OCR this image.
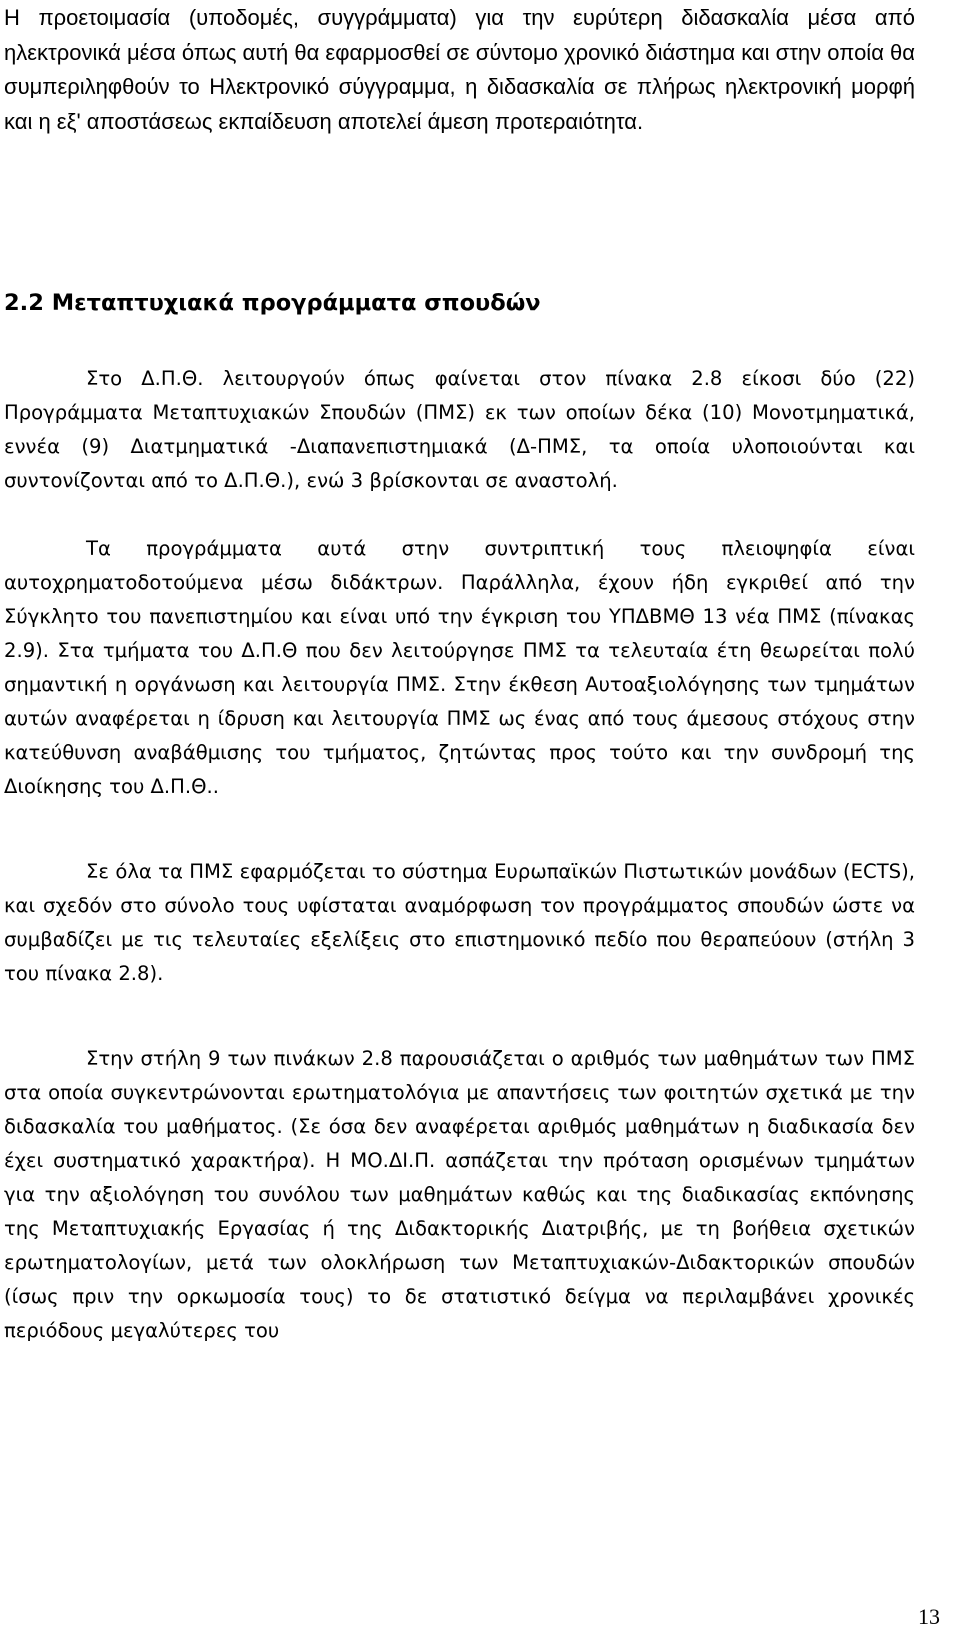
Η προετοιμασία (υποδομές, συγγράμματα) για την ευρύτερη διδασκαλία μέσα από ηλεκτρονικά μέσα όπως αυτή θα εφαρμοσθεί σε σύντομο χρονικό διάστημα και στην οποία θα συμπεριληφθούν το Ηλεκτρονικό σύγγραμμα, η διδασκαλία σε πλήρως ηλεκτρονική μορφή και η εξ' αποστάσεως εκπαίδευση αποτελεί άμεση προτεραιότητα.

2.2 Μεταπτυχιακά προγράμματα σπουδών

Στο Δ.Π.Θ. λειτουργούν όπως φαίνεται στον πίνακα 2.8 είκοσι δύο (22) Προγράμματα Μεταπτυχιακών Σπουδών (ΠΜΣ) εκ των οποίων δέκα (10) Μονοτμηματικά, εννέα (9) Διατμηματικά -Διαπανεπιστημιακά (Δ-ΠΜΣ, τα οποία υλοποιούνται και συντονίζονται από το Δ.Π.Θ.), ενώ 3 βρίσκονται σε αναστολή.

Τα προγράμματα αυτά στην συντριπτική τους πλειοψηφία είναι αυτοχρηματοδοτούμενα μέσω διδάκτρων. Παράλληλα, έχουν ήδη εγκριθεί από την Σύγκλητο του πανεπιστημίου και είναι υπό την έγκριση του ΥΠΔΒΜΘ 13 νέα ΠΜΣ (πίνακας 2.9). Στα τμήματα του Δ.Π.Θ που δεν λειτούργησε ΠΜΣ τα τελευταία έτη θεωρείται πολύ σημαντική η οργάνωση και λειτουργία ΠΜΣ. Στην έκθεση Αυτοαξιολόγησης των τμημάτων αυτών αναφέρεται η ίδρυση και λειτουργία ΠΜΣ ως ένας από τους άμεσους στόχους στην κατεύθυνση αναβάθμισης του τμήματος, ζητώντας προς τούτο και την συνδρομή της Διοίκησης του Δ.Π.Θ..

Σε όλα τα ΠΜΣ εφαρμόζεται το σύστημα Ευρωπαϊκών Πιστωτικών μονάδων (ECTS), και σχεδόν στο σύνολο τους υφίσταται αναμόρφωση τον προγράμματος σπουδών ώστε να συμβαδίζει με τις τελευταίες εξελίξεις στο επιστημονικό πεδίο που θεραπεύουν (στήλη 3 του πίνακα 2.8).

Στην στήλη 9 των πινάκων 2.8 παρουσιάζεται ο αριθμός των μαθημάτων των ΠΜΣ στα οποία συγκεντρώνονται ερωτηματολόγια με απαντήσεις των φοιτητών σχετικά με την διδασκαλία του μαθήματος. (Σε όσα δεν αναφέρεται αριθμός μαθημάτων η διαδικασία δεν έχει συστηματικό χαρακτήρα). Η ΜΟ.ΔΙ.Π. ασπάζεται την πρόταση ορισμένων τμημάτων για την αξιολόγηση του συνόλου των μαθημάτων καθώς και της διαδικασίας εκπόνησης της Μεταπτυχιακής Εργασίας ή της Διδακτορικής Διατριβής, με τη βοήθεια σχετικών ερωτηματολογίων, μετά των ολοκλήρωση των Μεταπτυχιακών-Διδακτορικών σπουδών (ίσως πριν την ορκωμοσία τους) το δε στατιστικό δείγμα να περιλαμβάνει χρονικές περιόδους μεγαλύτερες του

13
